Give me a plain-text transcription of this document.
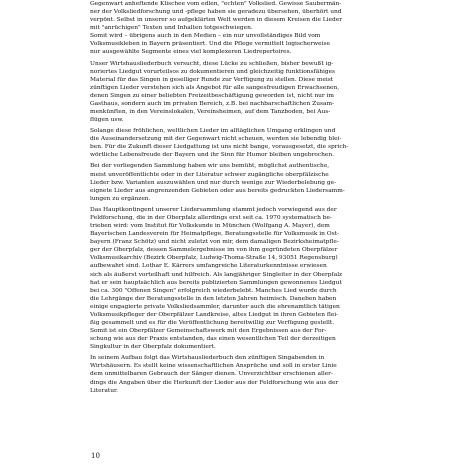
Gegenwart anheftende Klischee vom edlen, "echten" Volkslied. Gewisse Saubermän-
ner der Volksliedforschung und -pflege haben sie geradezu übersehen, überhört und
verpönt. Selbst in unserer so aufgeklärten Welt werden in diesem Kreisen die Lieder
mit "anrüchigen" Texten und Inhalten totgeschwiegen.
Somit wird – übrigens auch in den Medien – ein nur unvollständiges Bild vom
Volksmusikleben in Bayern präsentiert. Und die Pflege vermittelt logischerweise
nur ausgewählte Segmente eines viel komplexeren Liedrepertoires.

Unser Wirtshausliederbuch versucht, diese Lücke zu schließen, bisher bewußt ig-
noriertes Liedgut vorurteilsos zu dokumentieren und gleichzeitig funktionsfähiges
Material für das Singen in geselliger Runde zur Verfügung zu stellen. Diese meist
zünftigen Lieder verstehen sich als Angebot für alle sangesfreudigen Erwachsenen,
denen Singen zu einer beliebten Freizeitbeschäftigung geworden ist, nicht nur im
Gasthaus, sondern auch im privaten Bereich, z.B. bei nachbarschaftlichen Zusam-
menkünften, in den Vereinslokalen, Vereinsheimen, auf dem Tanzboden, bei Aus-
flügen usw.

Solange diese fröhlichen, weltlichen Lieder im alltäglichen Umgang erklingen und
die Auseinandersetzung mit der Gegenwart nicht scheuen, werden sie lebendig blei-
ben. Für die Zukunft dieser Liedgattung ist uns nicht bange, vorausgesetzt, die sprich-
wörtliche Lebensfreude der Bayern und ihr Sinn für Humor bleiben ungebrochen.

Bei der vorliegenden Sammlung haben wir uns bemüht, möglichst authentische,
meist unveröffentlichte oder in der Literatur schwer zugängliche oberpfälzische
Lieder bzw. Varianten auszuwählen und nur durch wenige zur Wiederbelebung ge-
eignete Lieder aus angrenzenden Gebieten oder aus bereits gedruckten Liedersamm-
lungen zu ergänzen.

Das Hauptkontingent unserer Liedersammlung stammt jedoch vorwiegend aus der
Feldforschung, die in der Oberpfalz allerdings erst seit ca. 1970 systematisch be-
trieben wird: vom Institut für Volkskunde in München (Wolfgang A. Mayer), dem
Bayerischen Landesverein für Heimatpflege, Beratungsstelle für Volksmusik in Ost-
bayern (Franz Schötz) und nicht zuletzt von mir, dem damaligen Bezirksheimatpfle-
ger der Oberpfalz, dessen Sammelergebnisse im von ihm gegründeten Oberpfälzer
Volksmusikarchiv (Bezirk Oberpfalz, Ludwig-Thoma-Straße 14, 93051 Regensburg)
aufbewahrt sind. Lothar E. Kärrers umfangreiche Literaturkenntnisse erwiesen
sich als äußerst vorteilhaft und hilfreich. Als langjähriger Singleiter in der Oberpfalz
hat er sein hauptsächlich aus bereits publizierten Sammlungen gewonnenes Liedgut
bei ca. 300 "Offenen Singen" erfolgreich wiederbelebt. Manches Lied wurde durch
die Lehrgänge der Beratungsstelle in den letzten Jahren heimisch. Daneben haben
einige engagierte private Volksliedsammler, darunter auch die ehrenamtlich tätigen
Volksmusikpfleger der Oberpfälzer Landkreise, altes Liedgut in ihren Gebieten flei-
ßig gesammelt und es für die Veröffentlichung bereitwillig zur Verfügung gestellt.
Somit ist ein Oberpfälzer Gemeinschaftswerk mit den Ergebnissen aus der For-
schung wie aus der Praxis entstanden, das einen wesentlichen Teil der derzeitigen
Singkultur in der Oberpfalz dokumentiert.

In seinem Aufbau folgt das Wirtshausliederbuch den zünftigen Singabenden in
Wirtshäusern. Es stellt keine wissenschaftlichen Ansprüche und soll in erster Linie
dem unmittelbaren Gebrauch der Sänger dienen. Unverzichtbar erschienen aller-
dings die Angaben über die Herkunft der Lieder aus der Feldforschung wie aus der
Literatur.

10
